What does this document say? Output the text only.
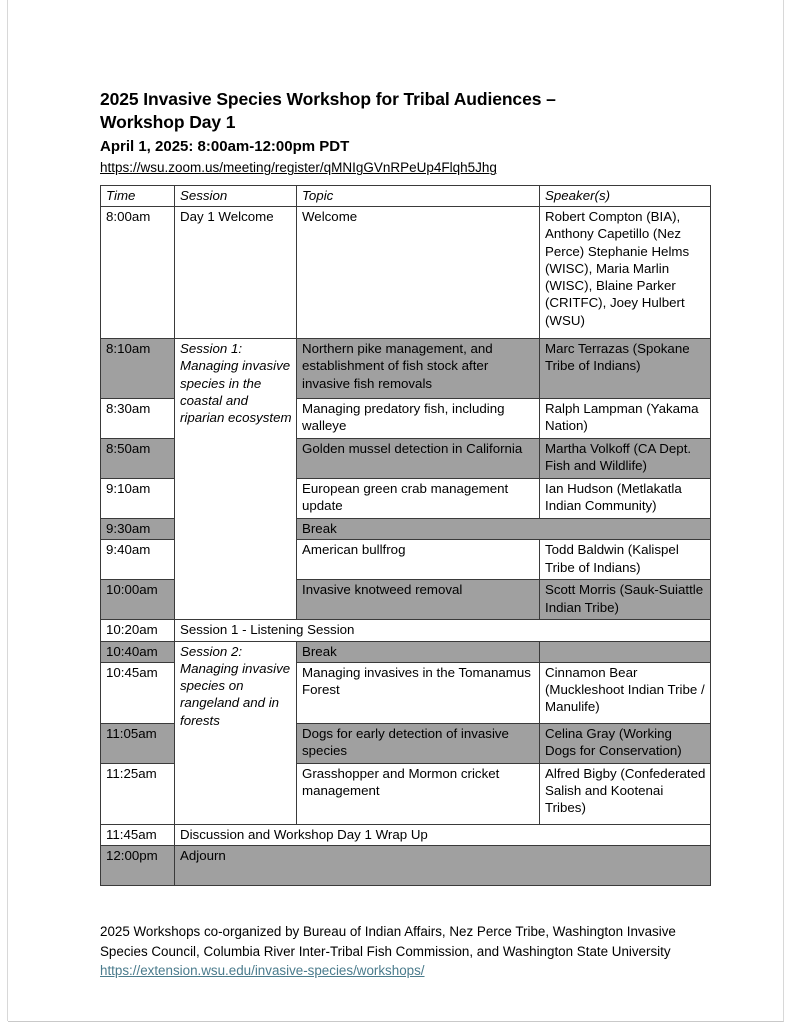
2025 Invasive Species Workshop for Tribal Audiences –
Workshop Day 1
April 1, 2025: 8:00am-12:00pm PDT
https://wsu.zoom.us/meeting/register/qMNIgGVnRPeUp4Flqh5Jhg
Time	Session	Topic	Speaker(s)
8:00am	Day 1 Welcome	Welcome	Robert Compton (BIA), Anthony Capetillo (Nez Perce) Stephanie Helms (WISC), Maria Marlin (WISC), Blaine Parker (CRITFC), Joey Hulbert (WSU)
8:10am	Session 1: Managing invasive species in the coastal and riparian ecosystem	Northern pike management, and establishment of fish stock after invasive fish removals	Marc Terrazas (Spokane Tribe of Indians)
8:30am		Managing predatory fish, including walleye	Ralph Lampman (Yakama Nation)
8:50am		Golden mussel detection in California	Martha Volkoff (CA Dept. Fish and Wildlife)
9:10am		European green crab management update	Ian Hudson (Metlakatla Indian Community)
9:30am		Break	
9:40am		American bullfrog	Todd Baldwin (Kalispel Tribe of Indians)
10:00am		Invasive knotweed removal	Scott Morris (Sauk-Suiattle Indian Tribe)
10:20am	Session 1 - Listening Session		
10:40am	Session 2: Managing invasive species on rangeland and in forests	Break	
10:45am		Managing invasives in the Tomanamus Forest	Cinnamon Bear (Muckleshoot Indian Tribe / Manulife)
11:05am		Dogs for early detection of invasive species	Celina Gray (Working Dogs for Conservation)
11:25am		Grasshopper and Mormon cricket management	Alfred Bigby (Confederated Salish and Kootenai Tribes)
11:45am	Discussion and Workshop Day 1 Wrap Up		
12:00pm	Adjourn		
2025 Workshops co-organized by Bureau of Indian Affairs, Nez Perce Tribe, Washington Invasive Species Council, Columbia River Inter-Tribal Fish Commission, and Washington State University
https://extension.wsu.edu/invasive-species/workshops/
